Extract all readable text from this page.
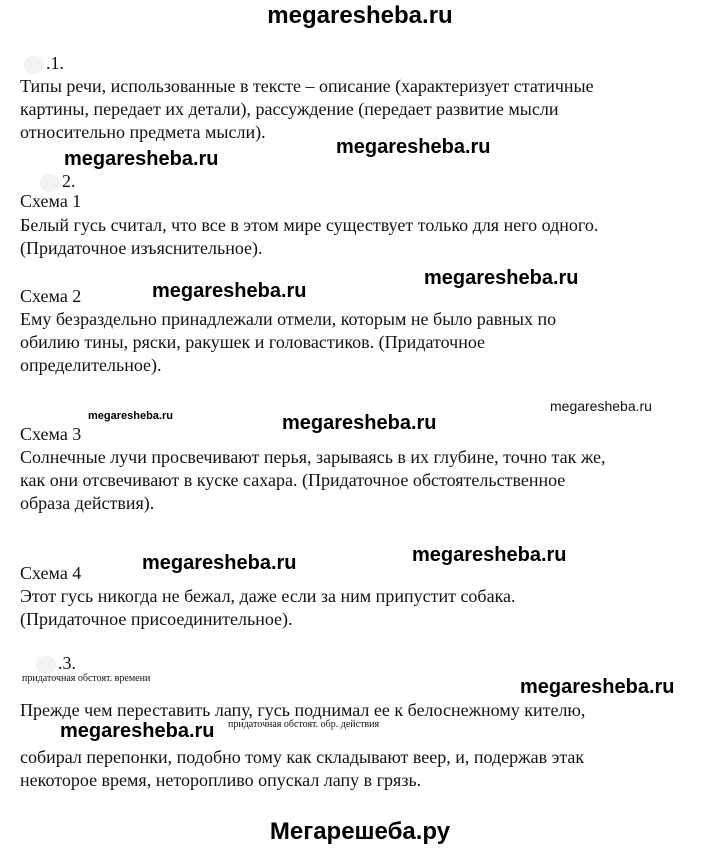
megaresheba.ru
.1.
Типы речи, использованные в тексте – описание (характеризует статичные
картины, передает их детали), рассуждение (передает развитие мысли
относительно предмета мысли).
megaresheba.ru
megaresheba.ru
2.
Схема 1
Белый гусь считал, что все в этом мире существует только для него одного.
(Придаточное изъяснительное).
megaresheba.ru
Схема 2	megaresheba.ru
Ему безраздельно принадлежали отмели, которым не было равных по
обилию тины, ряски, ракушек и головастиков. (Придаточное
определительное).
megaresheba.ru	megaresheba.ru
megaresheba.ru
Схема 3
Солнечные лучи просвечивают перья, зарываясь в их глубине, точно так же,
как они отсвечивают в куске сахара. (Придаточное обстоятельственное
образа действия).
megaresheba.ru	megaresheba.ru
Схема 4
Этот гусь никогда не бежал, даже если за ним припустит собака.
(Придаточное присоединительное).
.3.
придаточная обстоят. времени	megaresheba.ru
Прежде чем переставить лапу, гусь поднимал ее к белоснежному кителю,
megaresheba.ru придаточная обстоят. обр. действия
собирал перепонки, подобно тому как складывают веер, и, подержав этак
некоторое время, неторопливо опускал лапу в грязь.
Мегарешеба.ру
